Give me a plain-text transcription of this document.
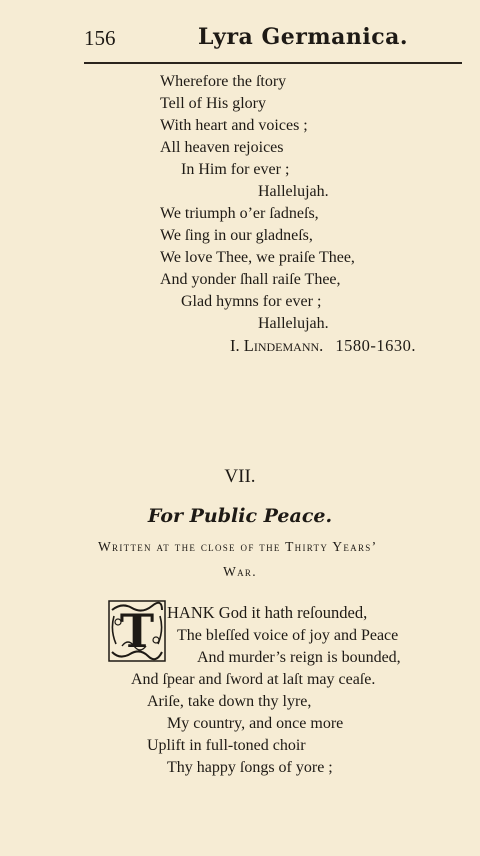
156	Lyra Germanica.
Wherefore the ſtory
Tell of His glory
With heart and voices ;
All heaven rejoices
In Him for ever ;
Hallelujah.
We triumph o’er ſadneſs,
We ſing in our gladneſs,
We love Thee, we praiſe Thee,
And yonder ſhall raiſe Thee,
Glad hymns for ever ;
Hallelujah.
I. Lindemann. 1580-1630.
VII.
For Public Peace.
Written at the close of the Thirty Years’
War.
T HANK God it hath reſounded,
The bleſſed voice of joy and Peace
And murder’s reign is bounded,
And ſpear and ſword at laſt may ceaſe.
Ariſe, take down thy lyre,
My country, and once more
Uplift in full-toned choir
Thy happy ſongs of yore ;
